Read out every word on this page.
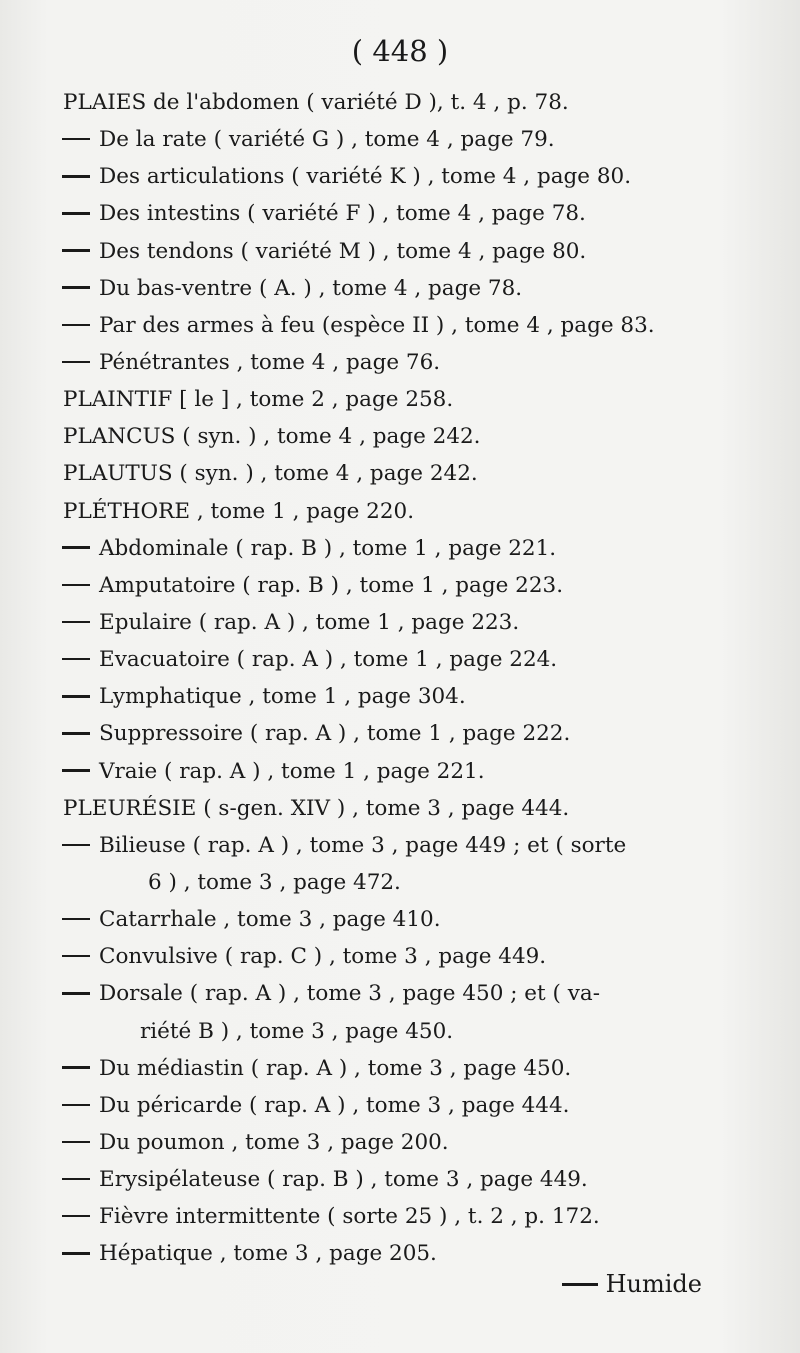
( 448 )
PLAIES de l'abdomen ( variété D ), t. 4 , p. 78.
De la rate ( variété G ) , tome 4 , page 79.
Des articulations ( variété K ) , tome 4 , page 80.
Des intestins ( variété F ) , tome 4 , page 78.
Des tendons ( variété M ) , tome 4 , page 80.
Du bas-ventre ( A. ) , tome 4 , page 78.
Par des armes à feu (espèce II ) , tome 4 , page 83.
Pénétrantes , tome 4 , page 76.
PLAINTIF [ le ] , tome 2 , page 258.
PLANCUS ( syn. ) , tome 4 , page 242.
PLAUTUS ( syn. ) , tome 4 , page 242.
PLÉTHORE , tome 1 , page 220.
Abdominale ( rap. B ) , tome 1 , page 221.
Amputatoire ( rap. B ) , tome 1 , page 223.
Epulaire ( rap. A ) , tome 1 , page 223.
Evacuatoire ( rap. A ) , tome 1 , page 224.
Lymphatique , tome 1 , page 304.
Suppressoire ( rap. A ) , tome 1 , page 222.
Vraie ( rap. A ) , tome 1 , page 221.
PLEURÉSIE ( s-gen. XIV ) , tome 3 , page 444.
Bilieuse ( rap. A ) , tome 3 , page 449 ; et ( sorte
6 ) , tome 3 , page 472.
Catarrhale , tome 3 , page 410.
Convulsive ( rap. C ) , tome 3 , page 449.
Dorsale ( rap. A ) , tome 3 , page 450 ; et ( va-
riété B ) , tome 3 , page 450.
Du médiastin ( rap. A ) , tome 3 , page 450.
Du péricarde ( rap. A ) , tome 3 , page 444.
Du poumon , tome 3 , page 200.
Erysipélateuse ( rap. B ) , tome 3 , page 449.
Fièvre intermittente ( sorte 25 ) , t. 2 , p. 172.
Hépatique , tome 3 , page 205.
Humide
